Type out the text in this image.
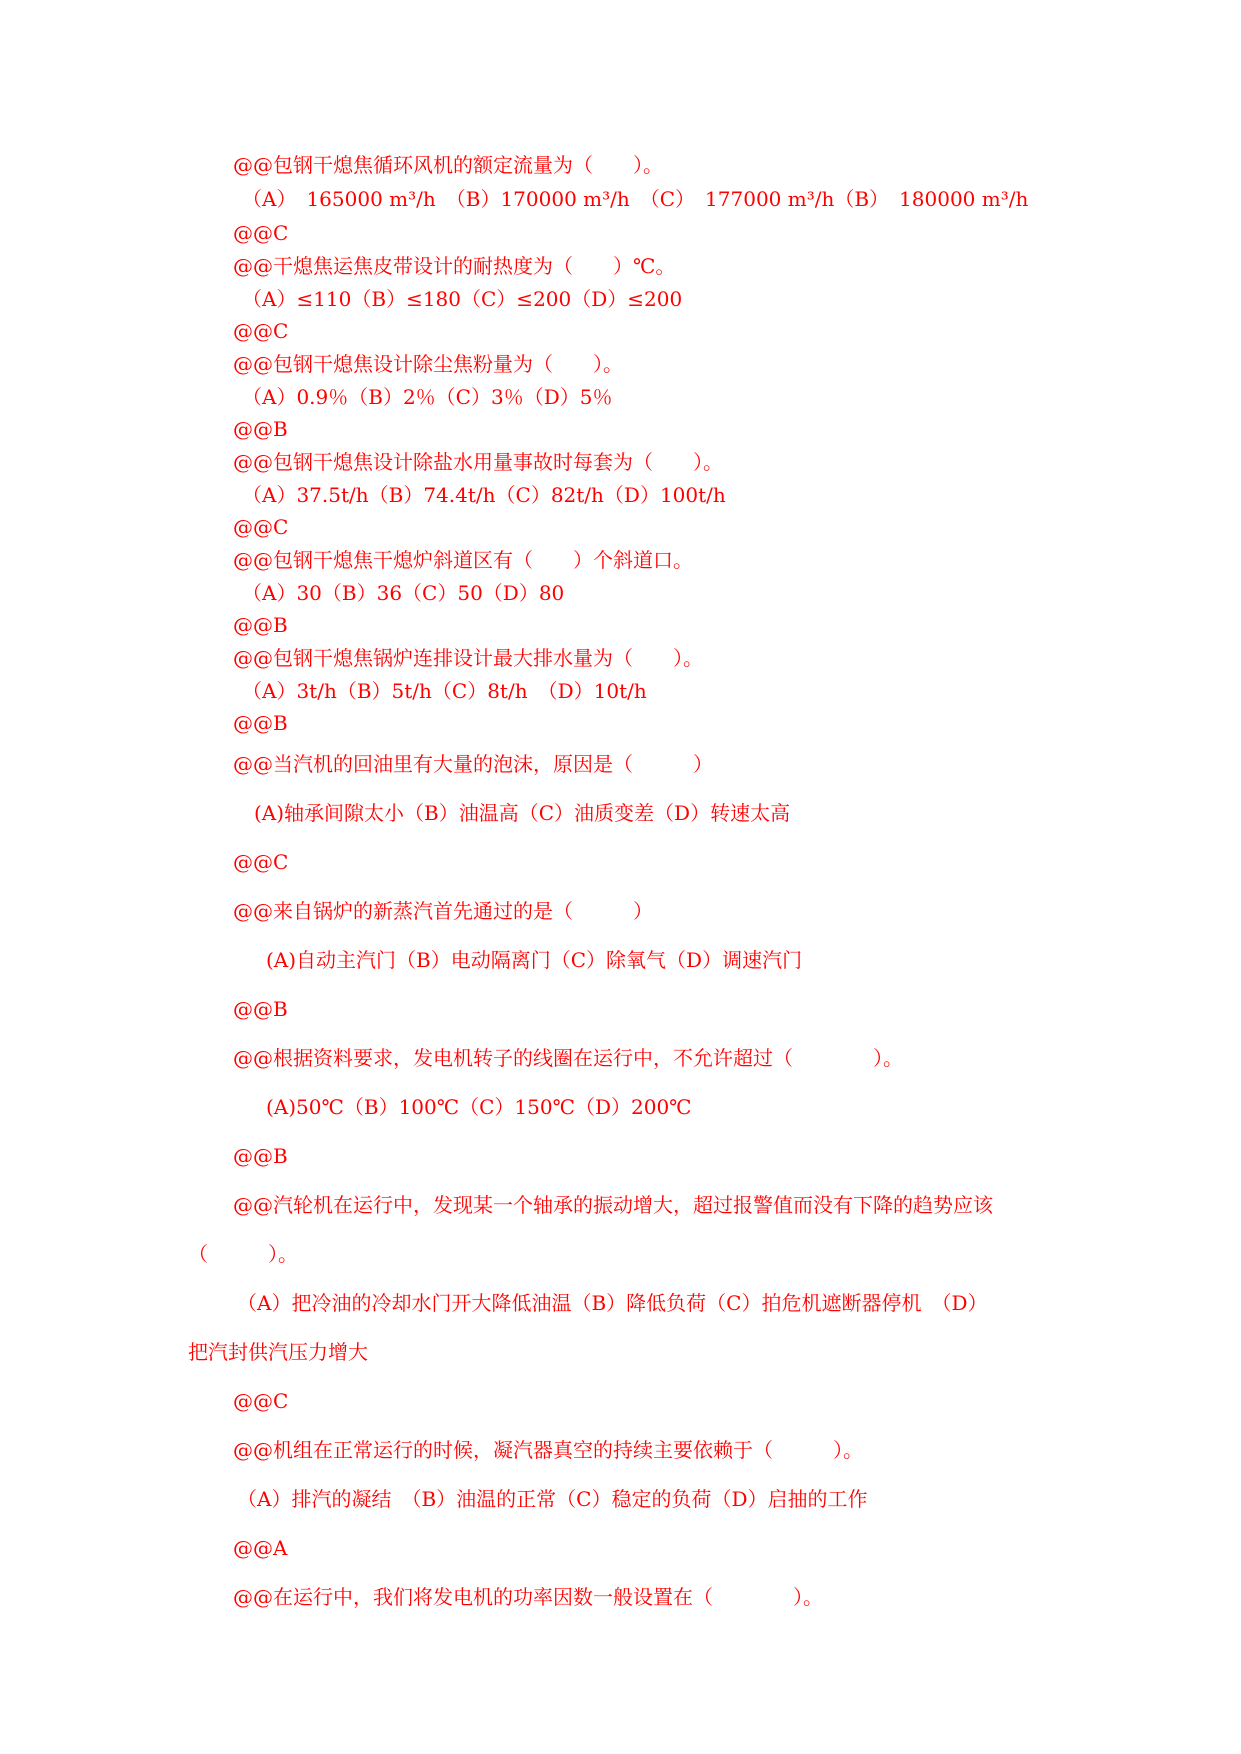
@@包钢干熄焦循环风机的额定流量为（　　）。
（A）　165000 m³/h　（B）170000 m³/h　（C）　177000 m³/h（B）　180000 m³/h
@@C
@@干熄焦运焦皮带设计的耐热度为（　　）℃。
（A）≤110（B）≤180（C）≤200（D）≤200
@@C
@@包钢干熄焦设计除尘焦粉量为（　　）。
（A）0.9％（B）2％（C）3％（D）5％
@@B
@@包钢干熄焦设计除盐水用量事故时每套为（　　）。
（A）37.5t/h（B）74.4t/h（C）82t/h（D）100t/h
@@C
@@包钢干熄焦干熄炉斜道区有（　　）个斜道口。
（A）30（B）36（C）50（D）80
@@B
@@包钢干熄焦锅炉连排设计最大排水量为（　　）。
（A）3t/h（B）5t/h（C）8t/h　（D）10t/h
@@B
@@当汽机的回油里有大量的泡沫，原因是（　　　）
(A)轴承间隙太小（B）油温高（C）油质变差（D）转速太高
@@C
@@来自锅炉的新蒸汽首先通过的是（　　　）
(A)自动主汽门（B）电动隔离门（C）除氧气（D）调速汽门
@@B
@@根据资料要求，发电机转子的线圈在运行中，不允许超过（　　　　）。
(A)50℃（B）100℃（C）150℃（D）200℃
@@B
@@汽轮机在运行中，发现某一个轴承的振动增大，超过报警值而没有下降的趋势应该
（　　　）。
（A）把冷油的冷却水门开大降低油温（B）降低负荷（C）拍危机遮断器停机　（D）
把汽封供汽压力增大
@@C
@@机组在正常运行的时候，凝汽器真空的持续主要依赖于（　　　）。
（A）排汽的凝结　（B）油温的正常（C）稳定的负荷（D）启抽的工作
@@A
@@在运行中，我们将发电机的功率因数一般设置在（　　　　）。
